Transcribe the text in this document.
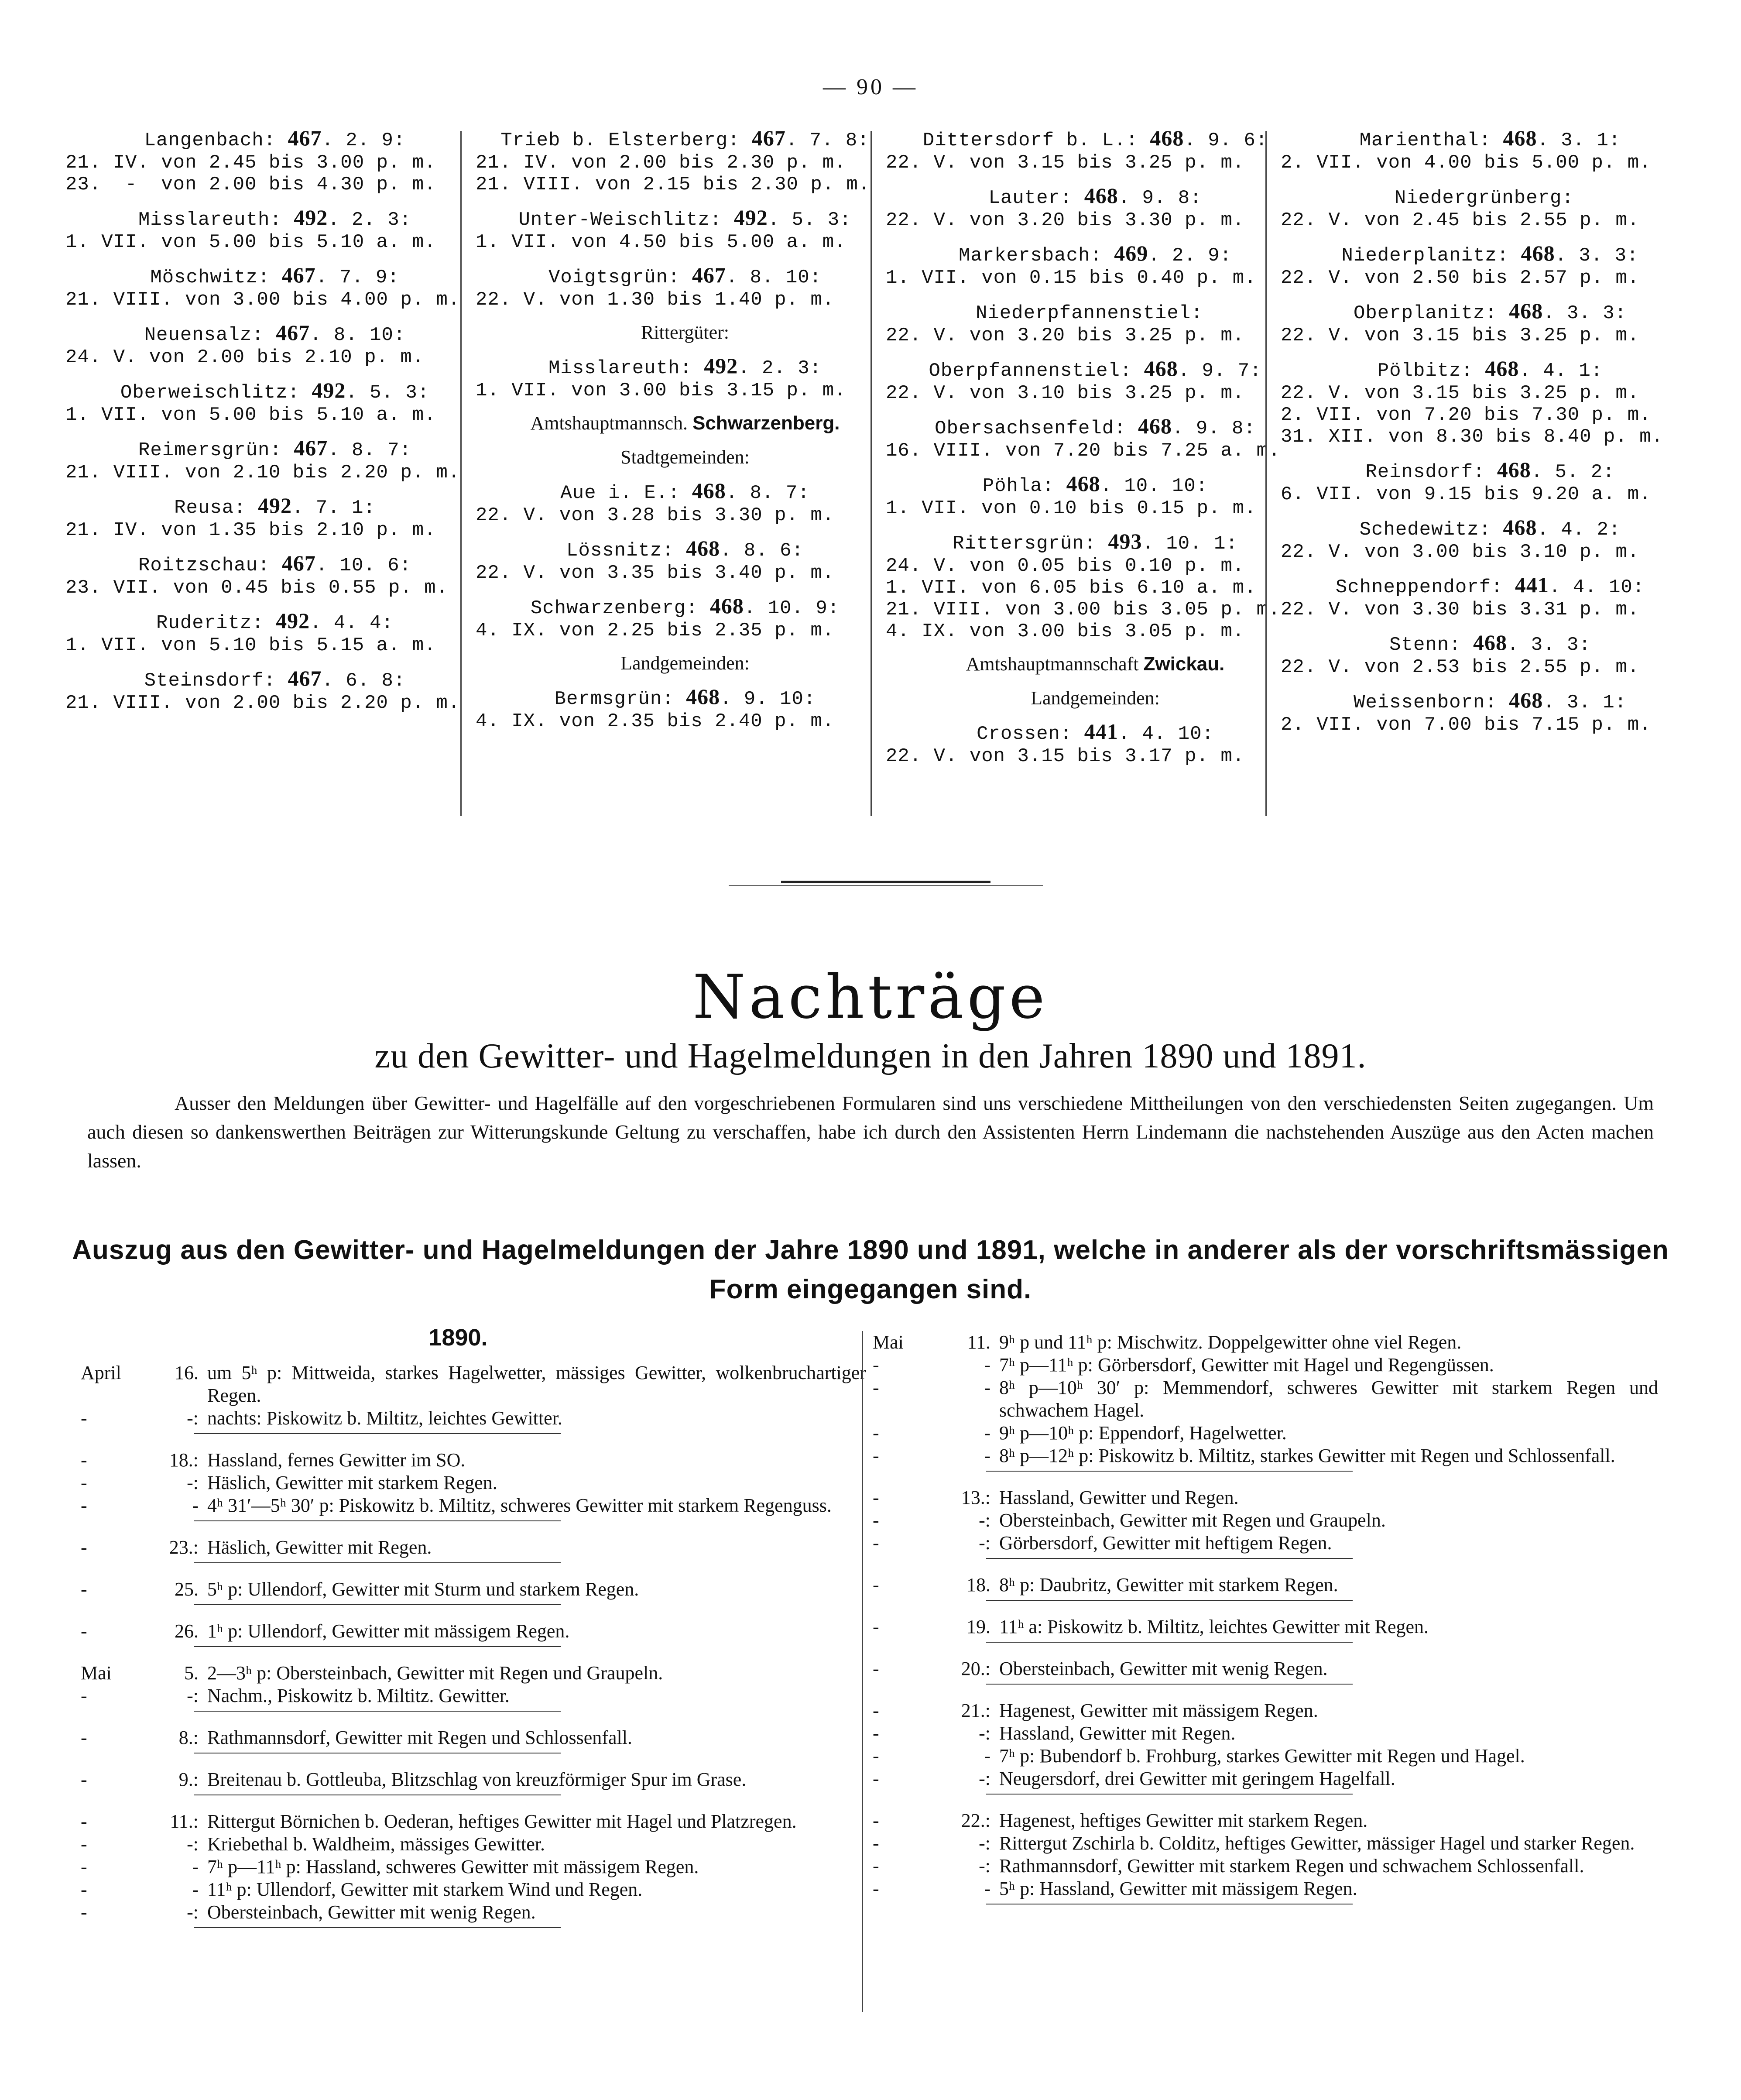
— 90 —
Langenbach: 467. 2. 9:
21. IV. von 2.45 bis 3.00 p. m.
23.  -  von 2.00 bis 4.30 p. m.
Misslareuth: 492. 2. 3:
1. VII. von 5.00 bis 5.10 a. m.
Möschwitz: 467. 7. 9:
21. VIII. von 3.00 bis 4.00 p. m.
Neuensalz: 467. 8. 10:
24. V. von 2.00 bis 2.10 p. m.
Oberweischlitz: 492. 5. 3:
1. VII. von 5.00 bis 5.10 a. m.
Reimersgrün: 467. 8. 7:
21. VIII. von 2.10 bis 2.20 p. m.
Reusa: 492. 7. 1:
21. IV. von 1.35 bis 2.10 p. m.
Roitzschau: 467. 10. 6:
23. VII. von 0.45 bis 0.55 p. m.
Ruderitz: 492. 4. 4:
1. VII. von 5.10 bis 5.15 a. m.
Steinsdorf: 467. 6. 8:
21. VIII. von 2.00 bis 2.20 p. m.
Trieb b. Elsterberg: 467. 7. 8:
21. IV. von 2.00 bis 2.30 p. m.
21. VIII. von 2.15 bis 2.30 p. m.
Unter-Weischlitz: 492. 5. 3:
1. VII. von 4.50 bis 5.00 a. m.
Voigtsgrün: 467. 8. 10:
22. V. von 1.30 bis 1.40 p. m.
Rittergüter:
Misslareuth: 492. 2. 3:
1. VII. von 3.00 bis 3.15 p. m.
Amtshauptmannsch. Schwarzenberg.
Stadtgemeinden:
Aue i. E.: 468. 8. 7:
22. V. von 3.28 bis 3.30 p. m.
Lössnitz: 468. 8. 6:
22. V. von 3.35 bis 3.40 p. m.
Schwarzenberg: 468. 10. 9:
4. IX. von 2.25 bis 2.35 p. m.
Landgemeinden:
Bermsgrün: 468. 9. 10:
4. IX. von 2.35 bis 2.40 p. m.
Dittersdorf b. L.: 468. 9. 6:
22. V. von 3.15 bis 3.25 p. m.
Lauter: 468. 9. 8:
22. V. von 3.20 bis 3.30 p. m.
Markersbach: 469. 2. 9:
1. VII. von 0.15 bis 0.40 p. m.
Niederpfannenstiel:
22. V. von 3.20 bis 3.25 p. m.
Oberpfannenstiel: 468. 9. 7:
22. V. von 3.10 bis 3.25 p. m.
Obersachsenfeld: 468. 9. 8:
16. VIII. von 7.20 bis 7.25 a. m.
Pöhla: 468. 10. 10:
1. VII. von 0.10 bis 0.15 p. m.
Rittersgrün: 493. 10. 1:
24. V. von 0.05 bis 0.10 p. m.
1. VII. von 6.05 bis 6.10 a. m.
21. VIII. von 3.00 bis 3.05 p. m.
4. IX. von 3.00 bis 3.05 p. m.
Amtshauptmannschaft Zwickau.
Landgemeinden:
Crossen: 441. 4. 10:
22. V. von 3.15 bis 3.17 p. m.
Marienthal: 468. 3. 1:
2. VII. von 4.00 bis 5.00 p. m.
Niedergrünberg:
22. V. von 2.45 bis 2.55 p. m.
Niederplanitz: 468. 3. 3:
22. V. von 2.50 bis 2.57 p. m.
Oberplanitz: 468. 3. 3:
22. V. von 3.15 bis 3.25 p. m.
Pölbitz: 468. 4. 1:
22. V. von 3.15 bis 3.25 p. m.
2. VII. von 7.20 bis 7.30 p. m.
31. XII. von 8.30 bis 8.40 p. m.
Reinsdorf: 468. 5. 2:
6. VII. von 9.15 bis 9.20 a. m.
Schedewitz: 468. 4. 2:
22. V. von 3.00 bis 3.10 p. m.
Schneppendorf: 441. 4. 10:
22. V. von 3.30 bis 3.31 p. m.
Stenn: 468. 3. 3:
22. V. von 2.53 bis 2.55 p. m.
Weissenborn: 468. 3. 1:
2. VII. von 7.00 bis 7.15 p. m.
Nachträge
zu den Gewitter- und Hagelmeldungen in den Jahren 1890 und 1891.
Ausser den Meldungen über Gewitter- und Hagelfälle auf den vorgeschriebenen Formularen sind uns verschiedene Mittheilungen von den verschiedensten Seiten zugegangen. Um auch diesen so dankenswerthen Beiträgen zur Witterungskunde Geltung zu verschaffen, habe ich durch den Assistenten Herrn Lindemann die nachstehenden Auszüge aus den Acten machen lassen.
Auszug aus den Gewitter- und Hagelmeldungen der Jahre 1890 und 1891, welche in anderer als der vorschriftsmässigen Form eingegangen sind.
1890.
April	16. um 5ʰ p: Mittweida, starkes Hagelwetter, mässiges Gewitter, wolkenbruchartiger Regen.
-	-: nachts: Piskowitz b. Miltitz, leichtes Gewitter.
-	18.: Hassland, fernes Gewitter im SO.
-	-: Häslich, Gewitter mit starkem Regen.
-	- 4ʰ 31′—5ʰ 30′ p: Piskowitz b. Miltitz, schweres Gewitter mit starkem Regenguss.
-	23.: Häslich, Gewitter mit Regen.
-	25. 5ʰ p: Ullendorf, Gewitter mit Sturm und starkem Regen.
-	26. 1ʰ p: Ullendorf, Gewitter mit mässigem Regen.
Mai	5. 2—3ʰ p: Obersteinbach, Gewitter mit Regen und Graupeln.
-	-: Nachm., Piskowitz b. Miltitz. Gewitter.
-	8.: Rathmannsdorf, Gewitter mit Regen und Schlossenfall.
-	9.: Breitenau b. Gottleuba, Blitzschlag von kreuzförmiger Spur im Grase.
-	11.: Rittergut Börnichen b. Oederan, heftiges Gewitter mit Hagel und Platzregen.
-	-: Kriebethal b. Waldheim, mässiges Gewitter.
-	- 7ʰ p—11ʰ p: Hassland, schweres Gewitter mit mässigem Regen.
-	- 11ʰ p: Ullendorf, Gewitter mit starkem Wind und Regen.
-	-: Obersteinbach, Gewitter mit wenig Regen.
Mai	11. 9ʰ p und 11ʰ p: Mischwitz. Doppelgewitter ohne viel Regen.
-	- 7ʰ p—11ʰ p: Görbersdorf, Gewitter mit Hagel und Regengüssen.
-	- 8ʰ p—10ʰ 30′ p: Memmendorf, schweres Gewitter mit starkem Regen und schwachem Hagel.
-	- 9ʰ p—10ʰ p: Eppendorf, Hagelwetter.
-	- 8ʰ p—12ʰ p: Piskowitz b. Miltitz, starkes Gewitter mit Regen und Schlossenfall.
-	13.: Hassland, Gewitter und Regen.
-	-: Obersteinbach, Gewitter mit Regen und Graupeln.
-	-: Görbersdorf, Gewitter mit heftigem Regen.
-	18. 8ʰ p: Daubritz, Gewitter mit starkem Regen.
-	19. 11ʰ a: Piskowitz b. Miltitz, leichtes Gewitter mit Regen.
-	20.: Obersteinbach, Gewitter mit wenig Regen.
-	21.: Hagenest, Gewitter mit mässigem Regen.
-	-: Hassland, Gewitter mit Regen.
-	- 7ʰ p: Bubendorf b. Frohburg, starkes Gewitter mit Regen und Hagel.
-	-: Neugersdorf, drei Gewitter mit geringem Hagelfall.
-	22.: Hagenest, heftiges Gewitter mit starkem Regen.
-	-: Rittergut Zschirla b. Colditz, heftiges Gewitter, mässiger Hagel und starker Regen.
-	-: Rathmannsdorf, Gewitter mit starkem Regen und schwachem Schlossenfall.
-	- 5ʰ p: Hassland, Gewitter mit mässigem Regen.
